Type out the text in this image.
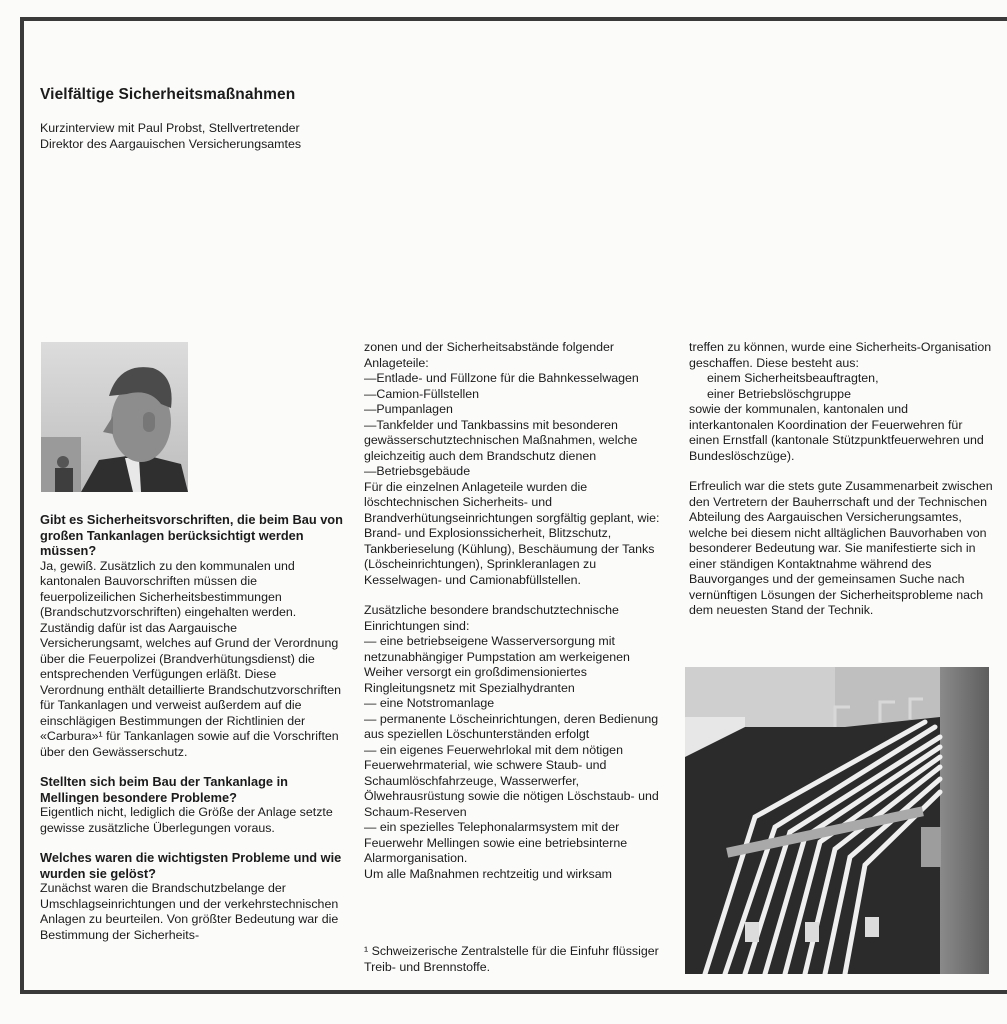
Vielfältige Sicherheitsmaßnahmen
Kurzinterview mit Paul Probst, Stellvertretender
Direktor des Aargauischen Versicherungsamtes

Gibt es Sicherheitsvorschriften, die beim Bau von großen Tankanlagen berücksichtigt werden müssen?

Ja, gewiß. Zusätzlich zu den kommunalen und kantonalen Bauvorschriften müssen die feuerpolizeilichen Sicherheitsbestimmungen (Brandschutzvorschriften) eingehalten werden. Zuständig dafür ist das Aargauische Versicherungsamt, welches auf Grund der Verordnung über die Feuerpolizei (Brandverhütungsdienst) die entsprechenden Verfügungen erläßt. Diese Verordnung enthält detaillierte Brandschutzvorschriften für Tankanlagen und verweist außerdem auf die einschlägigen Bestimmungen der Richtlinien der «Carbura»¹ für Tankanlagen sowie auf die Vorschriften über den Gewässerschutz.

Stellten sich beim Bau der Tankanlage in Mellingen besondere Probleme?

Eigentlich nicht, lediglich die Größe der Anlage setzte gewisse zusätzliche Überlegungen voraus.

Welches waren die wichtigsten Probleme und wie wurden sie gelöst?

Zunächst waren die Brandschutzbelange der Umschlagseinrichtungen und der verkehrstechnischen Anlagen zu beurteilen. Von größter Bedeutung war die Bestimmung der Sicherheits-

zonen und der Sicherheitsabstände folgender Anlageteile:

—Entlade- und Füllzone für die Bahnkesselwagen

—Camion-Füllstellen

—Pumpanlagen

—Tankfelder und Tankbassins mit besonderen gewässerschutztechnischen Maßnahmen, welche gleichzeitig auch dem Brandschutz dienen

—Betriebsgebäude

Für die einzelnen Anlageteile wurden die löschtechnischen Sicherheits- und Brandverhütungseinrichtungen sorgfältig geplant, wie: Brand- und Explosionssicherheit, Blitzschutz, Tankberieselung (Kühlung), Beschäumung der Tanks (Löscheinrichtungen), Sprinkleranlagen zu Kesselwagen- und Camionabfüllstellen.

Zusätzliche besondere brandschutztechnische Einrichtungen sind:

— eine betriebseigene Wasserversorgung mit netzunabhängiger Pumpstation am werkeigenen Weiher versorgt ein großdimensioniertes Ringleitungsnetz mit Spezialhydranten

— eine Notstromanlage

— permanente Löscheinrichtungen, deren Bedienung aus speziellen Löschunterständen erfolgt

— ein eigenes Feuerwehrlokal mit dem nötigen Feuerwehrmaterial, wie schwere Staub- und Schaumlöschfahrzeuge, Wasserwerfer, Ölwehrausrüstung sowie die nötigen Löschstaub- und Schaum-Reserven

— ein spezielles Telephonalarmsystem mit der Feuerwehr Mellingen sowie eine betriebsinterne Alarmorganisation.

Um alle Maßnahmen rechtzeitig und wirksam

¹ Schweizerische Zentralstelle für die Einfuhr flüssiger Treib- und Brennstoffe.

treffen zu können, wurde eine Sicherheits-Organisation geschaffen. Diese besteht aus:

einem Sicherheitsbeauftragten,

einer Betriebslöschgruppe

sowie der kommunalen, kantonalen und interkantonalen Koordination der Feuerwehren für einen Ernstfall (kantonale Stützpunktfeuerwehren und Bundeslöschzüge).

Erfreulich war die stets gute Zusammenarbeit zwischen den Vertretern der Bauherrschaft und der Technischen Abteilung des Aargauischen Versicherungsamtes, welche bei diesem nicht alltäglichen Bauvorhaben von besonderer Bedeutung war. Sie manifestierte sich in einer ständigen Kontaktnahme während des Bauvorganges und der gemeinsamen Suche nach vernünftigen Lösungen der Sicherheitsprobleme nach dem neuesten Stand der Technik.
